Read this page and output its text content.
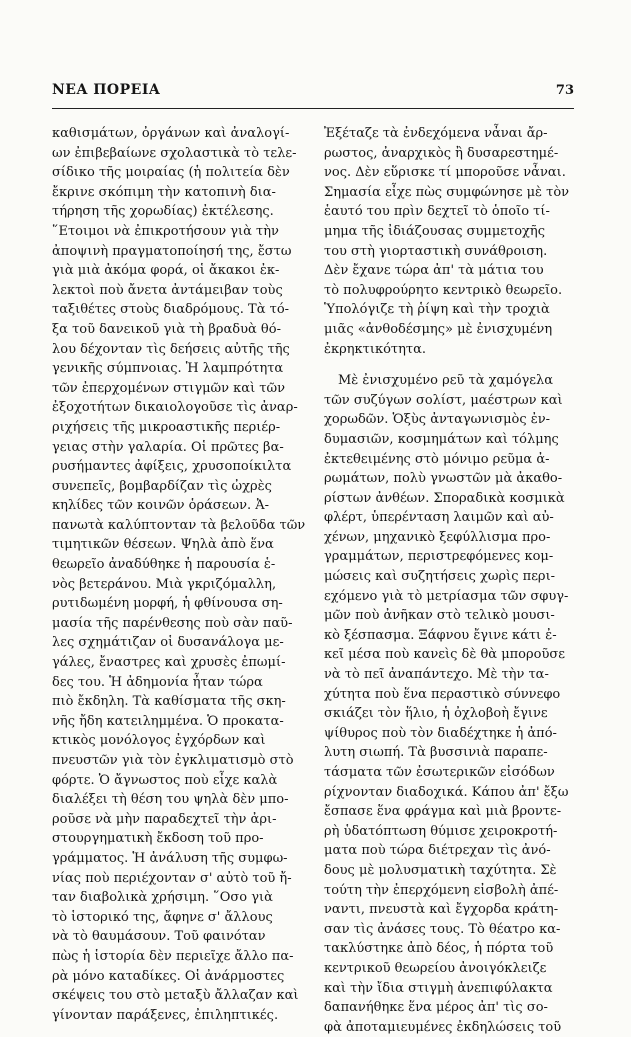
ΝΕΑ ΠΟΡΕΙΑ	73

καθισμάτων, ὀργάνων καὶ ἀναλογί-
ων ἐπιβεβαίωνε σχολαστικὰ τὸ τελε-
σίδικο τῆς μοιραίας (ἡ πολιτεία δὲν
ἔκρινε σκόπιμη τὴν κατοπινὴ δια-
τήρηση τῆς χορωδίας) ἐκτέλεσης.
῞Ετοιμοι νὰ ἐπικροτήσουν γιὰ τὴν
ἀποψινὴ πραγματοποίησή της, ἔστω
γιὰ μιὰ ἀκόμα φορά, οἱ ἄκακοι ἐκ-
λεκτοὶ ποὺ ἄνετα ἀντάμειβαν τοὺς
ταξιθέτες στοὺς διαδρόμους. Τὰ τό-
ξα τοῦ δανεικοῦ γιὰ τὴ βραδυὰ θό-
λου δέχονταν τὶς δεήσεις αὐτῆς τῆς
γενικῆς σύμπνοιας. Ἡ λαμπρότητα
τῶν ἐπερχομένων στιγμῶν καὶ τῶν
ἐξοχοτήτων δικαιολογοῦσε τὶς ἀναρ-
ριχήσεις τῆς μικροαστικῆς περιέρ-
γειας στὴν γαλαρία. Οἱ πρῶτες βα-
ρυσήμαντες ἀφίξεις, χρυσοποίκιλτα
συνεπεῖς, βομβαρδίζαν τὶς ὠχρὲς
κηλίδες τῶν κοινῶν ὁράσεων. Ἀ-
πανωτὰ καλύπτονταν τὰ βελοῦδα τῶν
τιμητικῶν θέσεων. Ψηλὰ ἀπὸ ἕνα
θεωρεῖο ἀναδύθηκε ἡ παρουσία ἑ-
νὸς βετεράνου. Μιὰ γκριζόμαλλη,
ρυτιδωμένη μορφή, ἡ φθίνουσα ση-
μασία τῆς παρένθεσης ποὺ σὰν παῦ-
λες σχημάτιζαν οἱ δυσανάλογα με-
γάλες, ἔναστρες καὶ χρυσὲς ἐπωμί-
δες του. Ἡ ἀδημονία ἦταν τώρα
πιὸ ἔκδηλη. Τὰ καθίσματα τῆς σκη-
νῆς ἤδη κατειλημμένα. Ὁ προκατα-
κτικὸς μονόλογος ἐγχόρδων καὶ
πνευστῶν γιὰ τὸν ἐγκλιματισμὸ στὸ
φόρτε. Ὁ ἄγνωστος ποὺ εἶχε καλὰ
διαλέξει τὴ θέση του ψηλὰ δὲν μπο-
ροῦσε νὰ μὴν παραδεχτεῖ τὴν ἀρι-
στουργηματικὴ ἔκδοση τοῦ προ-
γράμματος. Ἡ ἀνάλυση τῆς συμφω-
νίας ποὺ περιέχονταν σ' αὐτὸ τοῦ ἤ-
ταν διαβολικὰ χρήσιμη. ῞Οσο γιὰ
τὸ ἱστορικό της, ἄφηνε σ' ἄλλους
νὰ τὸ θαυμάσουν. Τοῦ φαινόταν
πὼς ἡ ἱστορία δὲν περιεῖχε ἄλλο πα-
ρὰ μόνο καταδίκες. Οἱ ἀνάρμοστες
σκέψεις του στὸ μεταξὺ ἄλλαζαν καὶ
γίνονταν παράξενες, ἐπιληπτικές.

Ἐξέταζε τὰ ἐνδεχόμενα νἆναι ἄρ-
ρωστος, ἀναρχικὸς ἢ δυσαρεστημέ-
νος. Δὲν εὕρισκε τί μποροῦσε νἆναι.
Σημασία εἶχε πὼς συμφώνησε μὲ τὸν
ἑαυτό του πρὶν δεχτεῖ τὸ ὁποῖο τί-
μημα τῆς ἰδιάζουσας συμμετοχῆς
του στὴ γιορταστικὴ συνάθροιση.
Δὲν ἔχανε τώρα ἀπ' τὰ μάτια του
τὸ πολυφρούρητο κεντρικὸ θεωρεῖο.
Ὑπολόγιζε τὴ ῥίψη καὶ τὴν τροχιὰ
μιᾶς «ἀνθοδέσμης» μὲ ἐνισχυμένη
ἐκρηκτικότητα.

Μὲ ἐνισχυμένο ρεῦ τὰ χαμόγελα
τῶν συζύγων σολίστ, μαέστρων καὶ
χορωδῶν. Ὁξὺς ἀνταγωνισμὸς ἐν-
δυμασιῶν, κοσμημάτων καὶ τόλμης
ἐκτεθειμένης στὸ μόνιμο ρεῦμα ἀ-
ρωμάτων, πολὺ γνωστῶν μὰ ἀκαθο-
ρίστων ἀνθέων. Σποραδικὰ κοσμικὰ
φλέρτ, ὑπερένταση λαιμῶν καὶ αὐ-
χένων, μηχανικὸ ξεφύλλισμα προ-
γραμμάτων, περιστρεφόμενες κομ-
μώσεις καὶ συζητήσεις χωρὶς περι-
εχόμενο γιὰ τὸ μετρίασμα τῶν σφυγ-
μῶν ποὺ ἀνῆκαν στὸ τελικὸ μουσι-
κὸ ξέσπασμα. Ξάφνου ἔγινε κάτι ἐ-
κεῖ μέσα ποὺ κανεὶς δὲ θὰ μποροῦσε
νὰ τὸ πεῖ ἀναπάντεχο. Μὲ τὴν τα-
χύτητα ποὺ ἕνα περαστικὸ σύννεφο
σκιάζει τὸν ἥλιο, ἡ ὀχλοβοὴ ἔγινε
ψίθυρος ποὺ τὸν διαδέχτηκε ἡ ἀπό-
λυτη σιωπή. Τὰ βυσσινιὰ παραπε-
τάσματα τῶν ἐσωτερικῶν εἰσόδων
ρίχνονταν διαδοχικά. Κάπου ἀπ' ἔξω
ἔσπασε ἕνα φράγμα καὶ μιὰ βροντε-
ρὴ ὑδατόπτωση θύμισε χειροκροτή-
ματα ποὺ τώρα διέτρεχαν τὶς ἀνό-
δους μὲ μολυσματικὴ ταχύτητα. Σὲ
τούτη τὴν ἐπερχόμενη εἰσβολὴ ἀπέ-
ναντι, πνευστὰ καὶ ἔγχορδα κράτη-
σαν τὶς ἀνάσες τους. Τὸ θέατρο κα-
τακλύστηκε ἀπὸ δέος, ἡ πόρτα τοῦ
κεντρικοῦ θεωρείου ἀνοιγόκλειζε
καὶ τὴν ἴδια στιγμὴ ἀνεπιφύλακτα
δαπανήθηκε ἕνα μέρος ἀπ' τὶς σο-
φὰ ἀποταμιευμένες ἐκδηλώσεις τοῦ
